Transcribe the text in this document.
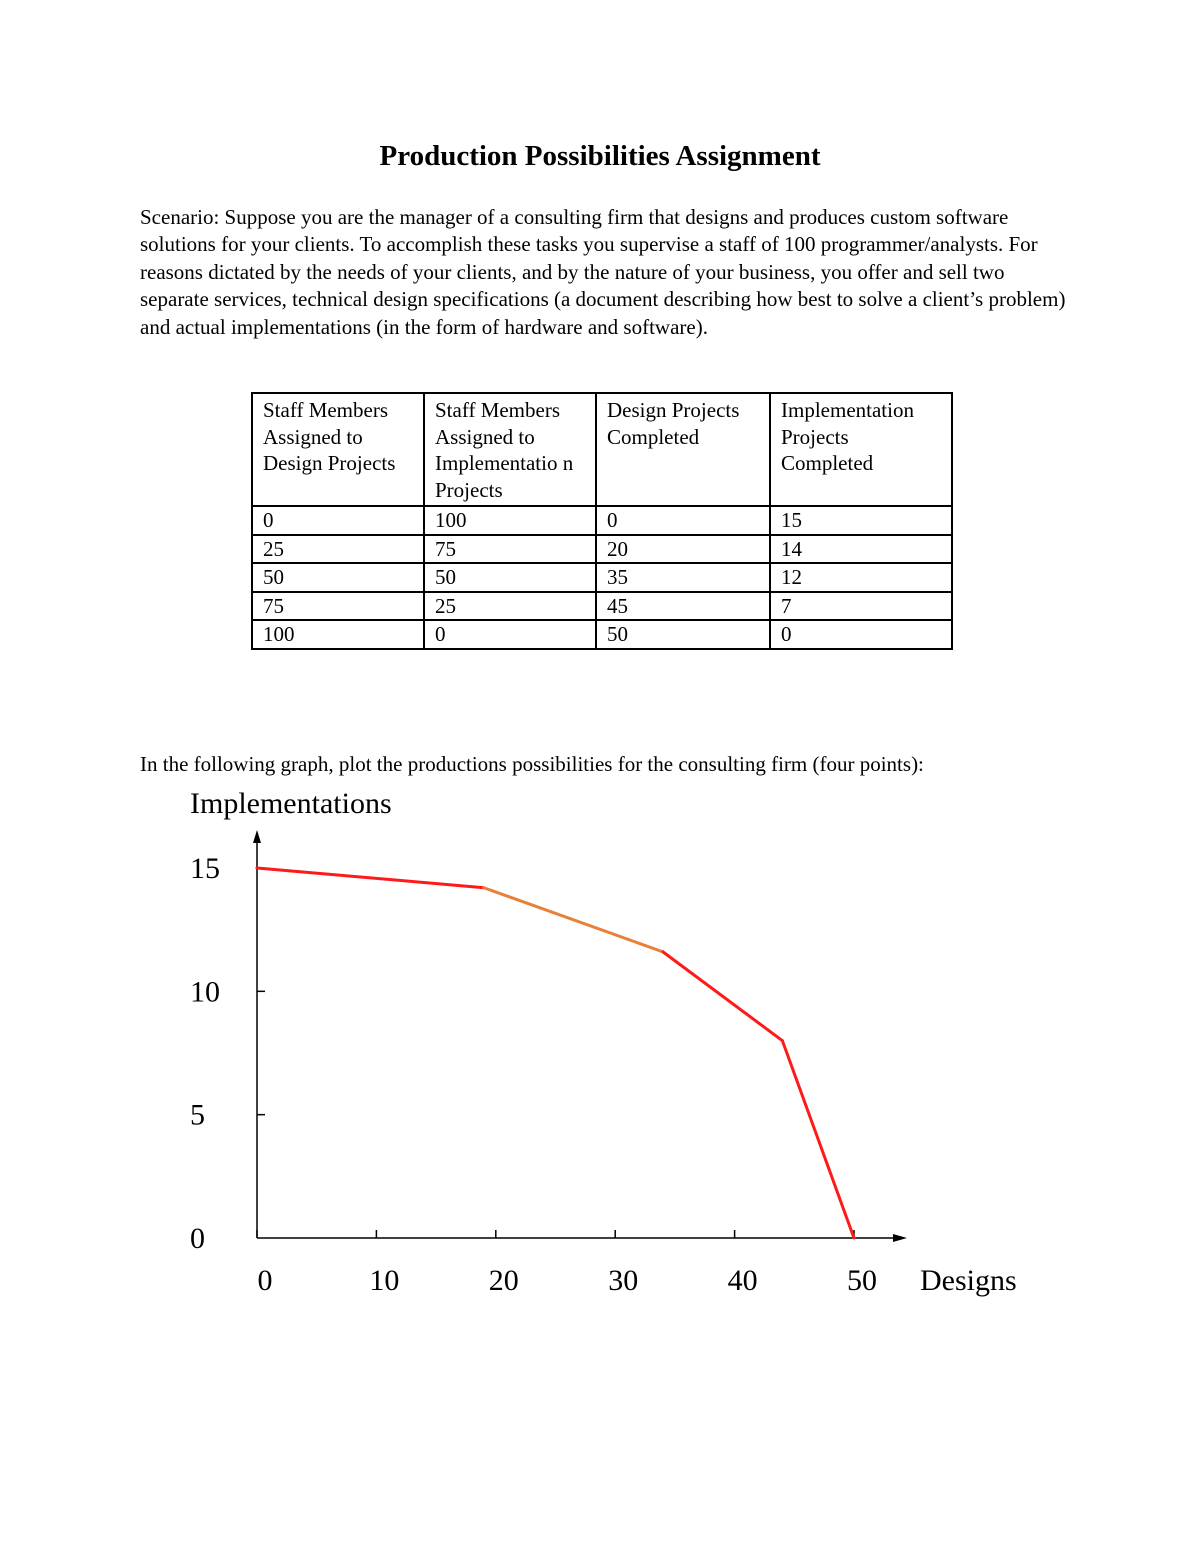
Production Possibilities Assignment
Scenario: Suppose you are the manager of a consulting firm that designs and produces custom software solutions for your clients. To accomplish these tasks you supervise a staff of 100 programmer/analysts. For reasons dictated by the needs of your clients, and by the nature of your business, you offer and sell two separate services, technical design specifications (a document describing how best to solve a client’s problem) and actual implementations (in the form of hardware and software).
Staff Members Assigned to Design Projects	Staff Members Assigned to Implementatio n Projects	Design Projects Completed	Implementation Projects Completed
0	100	0	15
25	75	20	14
50	50	35	12
75	25	45	7
100	0	50	0
In the following graph, plot the productions possibilities for the consulting firm (four points):
Implementations
Designs
0	10	20	30	40	50
0
5
10
15
